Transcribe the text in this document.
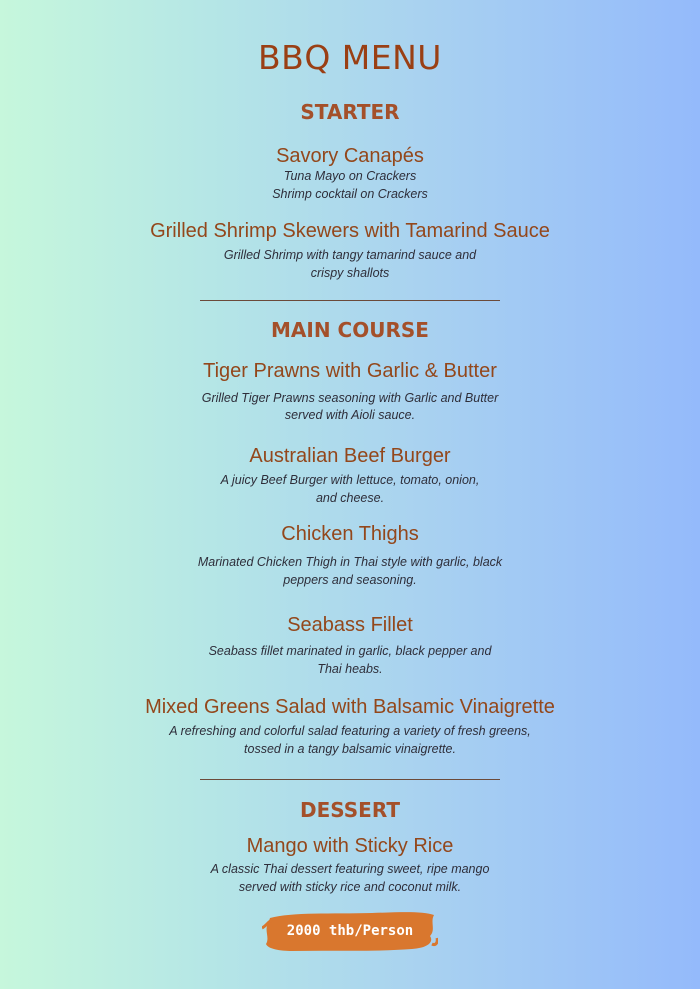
BBQ MENU
STARTER
Savory Canapés
Tuna Mayo on Crackers
Shrimp cocktail on Crackers
Grilled Shrimp Skewers with Tamarind Sauce
Grilled Shrimp with tangy tamarind sauce and
crispy shallots
MAIN COURSE
Tiger Prawns with Garlic & Butter
Grilled Tiger Prawns seasoning with Garlic and Butter
served with Aioli sauce.
Australian Beef Burger
A juicy Beef Burger with lettuce, tomato, onion,
and cheese.
Chicken Thighs
Marinated Chicken Thigh in Thai style with garlic, black
peppers and seasoning.
Seabass Fillet
Seabass fillet marinated in garlic, black pepper and
Thai heabs.
Mixed Greens Salad with Balsamic Vinaigrette
A refreshing and colorful salad featuring a variety of fresh greens,
tossed in a tangy balsamic vinaigrette.
DESSERT
Mango with Sticky Rice
A classic Thai dessert featuring sweet, ripe mango
served with sticky rice and coconut milk.
2000 thb/Person
